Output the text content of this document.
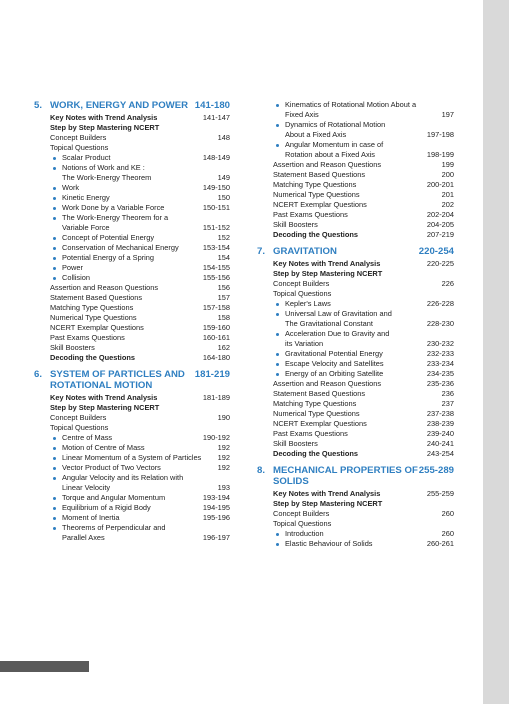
5. WORK, ENERGY AND POWER 141-180
Key Notes with Trend Analysis	141-147
Step by Step Mastering NCERT
Concept Builders	148
Topical Questions
Scalar Product	148-149
Notions of Work and KE :
The Work-Energy Theorem	149
Work	149-150
Kinetic Energy	150
Work Done by a Variable Force	150-151
The Work-Energy Theorem for a
Variable Force	151-152
Concept of Potential Energy	152
Conservation of Mechanical Energy	153-154
Potential Energy of a Spring	154
Power	154-155
Collision	155-156
Assertion and Reason Questions	156
Statement Based Questions	157
Matching Type Questions	157-158
Numerical Type Questions	158
NCERT Exemplar Questions	159-160
Past Exams Questions	160-161
Skill Boosters	162
Decoding the Questions	164-180
6. SYSTEM OF PARTICLES AND ROTATIONAL MOTION
181-219
Key Notes with Trend Analysis	181-189
Step by Step Mastering NCERT
Concept Builders	190
Topical Questions
Centre of Mass	190-192
Motion of Centre of Mass	192
Linear Momentum of a System of Particles	192
Vector Product of Two Vectors	192
Angular Velocity and its Relation with
Linear Velocity	193
Torque and Angular Momentum	193-194
Equilibrium of a Rigid Body	194-195
Moment of Inertia	195-196
Theorems of Perpendicular and
Parallel Axes	196-197
Kinematics of Rotational Motion About a
Fixed Axis	197
Dynamics of Rotational Motion
About a Fixed Axis	197-198
Angular Momentum in case of
Rotation about a Fixed Axis	198-199
Assertion and Reason Questions	199
Statement Based Questions	200
Matching Type Questions	200-201
Numerical Type Questions	201
NCERT Exemplar Questions	202
Past Exams Questions	202-204
Skill Boosters	204-205
Decoding the Questions	207-219
7. GRAVITATION	220-254
Key Notes with Trend Analysis	220-225
Step by Step Mastering NCERT
Concept Builders	226
Topical Questions
Kepler's Laws	226-228
Universal Law of Gravitation and
The Gravitational Constant	228-230
Acceleration Due to Gravity and
its Variation	230-232
Gravitational Potential Energy	232-233
Escape Velocity and Satellites	233-234
Energy of an Orbiting Satellite	234-235
Assertion and Reason Questions	235-236
Statement Based Questions	236
Matching Type Questions	237
Numerical Type Questions	237-238
NCERT Exemplar Questions	238-239
Past Exams Questions	239-240
Skill Boosters	240-241
Decoding the Questions	243-254
8. MECHANICAL PROPERTIES OF SOLIDS
255-289
Key Notes with Trend Analysis	255-259
Step by Step Mastering NCERT
Concept Builders	260
Topical Questions
Introduction	260
Elastic Behaviour of Solids	260-261
